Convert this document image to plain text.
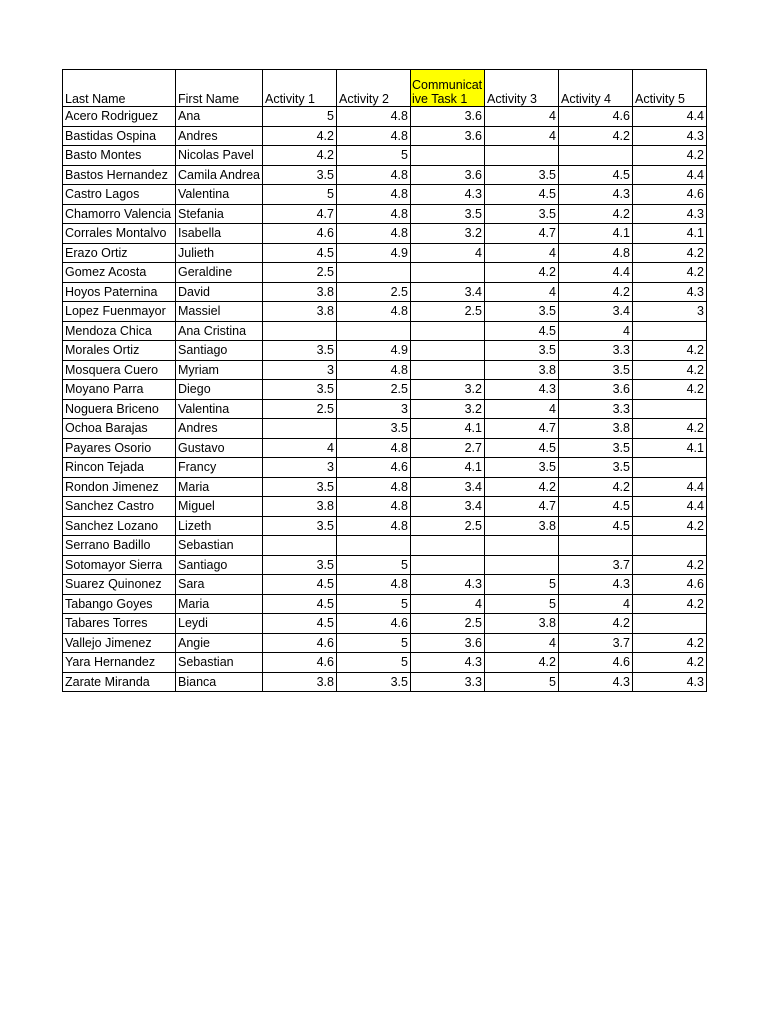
Last Name	First Name	Activity 1	Activity 2	Communicative Task 1	Activity 3	Activity 4	Activity 5
Acero Rodriguez	Ana	5	4.8	3.6	4	4.6	4.4
Bastidas Ospina	Andres	4.2	4.8	3.6	4	4.2	4.3
Basto Montes	Nicolas Pavel	4.2	5				4.2
Bastos Hernandez	Camila Andrea	3.5	4.8	3.6	3.5	4.5	4.4
Castro Lagos	Valentina	5	4.8	4.3	4.5	4.3	4.6
Chamorro Valencia	Stefania	4.7	4.8	3.5	3.5	4.2	4.3
Corrales Montalvo	Isabella	4.6	4.8	3.2	4.7	4.1	4.1
Erazo Ortiz	Julieth	4.5	4.9	4	4	4.8	4.2
Gomez Acosta	Geraldine	2.5			4.2	4.4	4.2
Hoyos Paternina	David	3.8	2.5	3.4	4	4.2	4.3
Lopez Fuenmayor	Massiel	3.8	4.8	2.5	3.5	3.4	3
Mendoza Chica	Ana Cristina				4.5	4	
Morales Ortiz	Santiago	3.5	4.9		3.5	3.3	4.2
Mosquera Cuero	Myriam	3	4.8		3.8	3.5	4.2
Moyano Parra	Diego	3.5	2.5	3.2	4.3	3.6	4.2
Noguera Briceno	Valentina	2.5	3	3.2	4	3.3	
Ochoa Barajas	Andres		3.5	4.1	4.7	3.8	4.2
Payares Osorio	Gustavo	4	4.8	2.7	4.5	3.5	4.1
Rincon Tejada	Francy	3	4.6	4.1	3.5	3.5	
Rondon Jimenez	Maria	3.5	4.8	3.4	4.2	4.2	4.4
Sanchez Castro	Miguel	3.8	4.8	3.4	4.7	4.5	4.4
Sanchez Lozano	Lizeth	3.5	4.8	2.5	3.8	4.5	4.2
Serrano Badillo	Sebastian						
Sotomayor Sierra	Santiago	3.5	5			3.7	4.2
Suarez Quinonez	Sara	4.5	4.8	4.3	5	4.3	4.6
Tabango Goyes	Maria	4.5	5	4	5	4	4.2
Tabares Torres	Leydi	4.5	4.6	2.5	3.8	4.2	
Vallejo Jimenez	Angie	4.6	5	3.6	4	3.7	4.2
Yara Hernandez	Sebastian	4.6	5	4.3	4.2	4.6	4.2
Zarate Miranda	Bianca	3.8	3.5	3.3	5	4.3	4.3
